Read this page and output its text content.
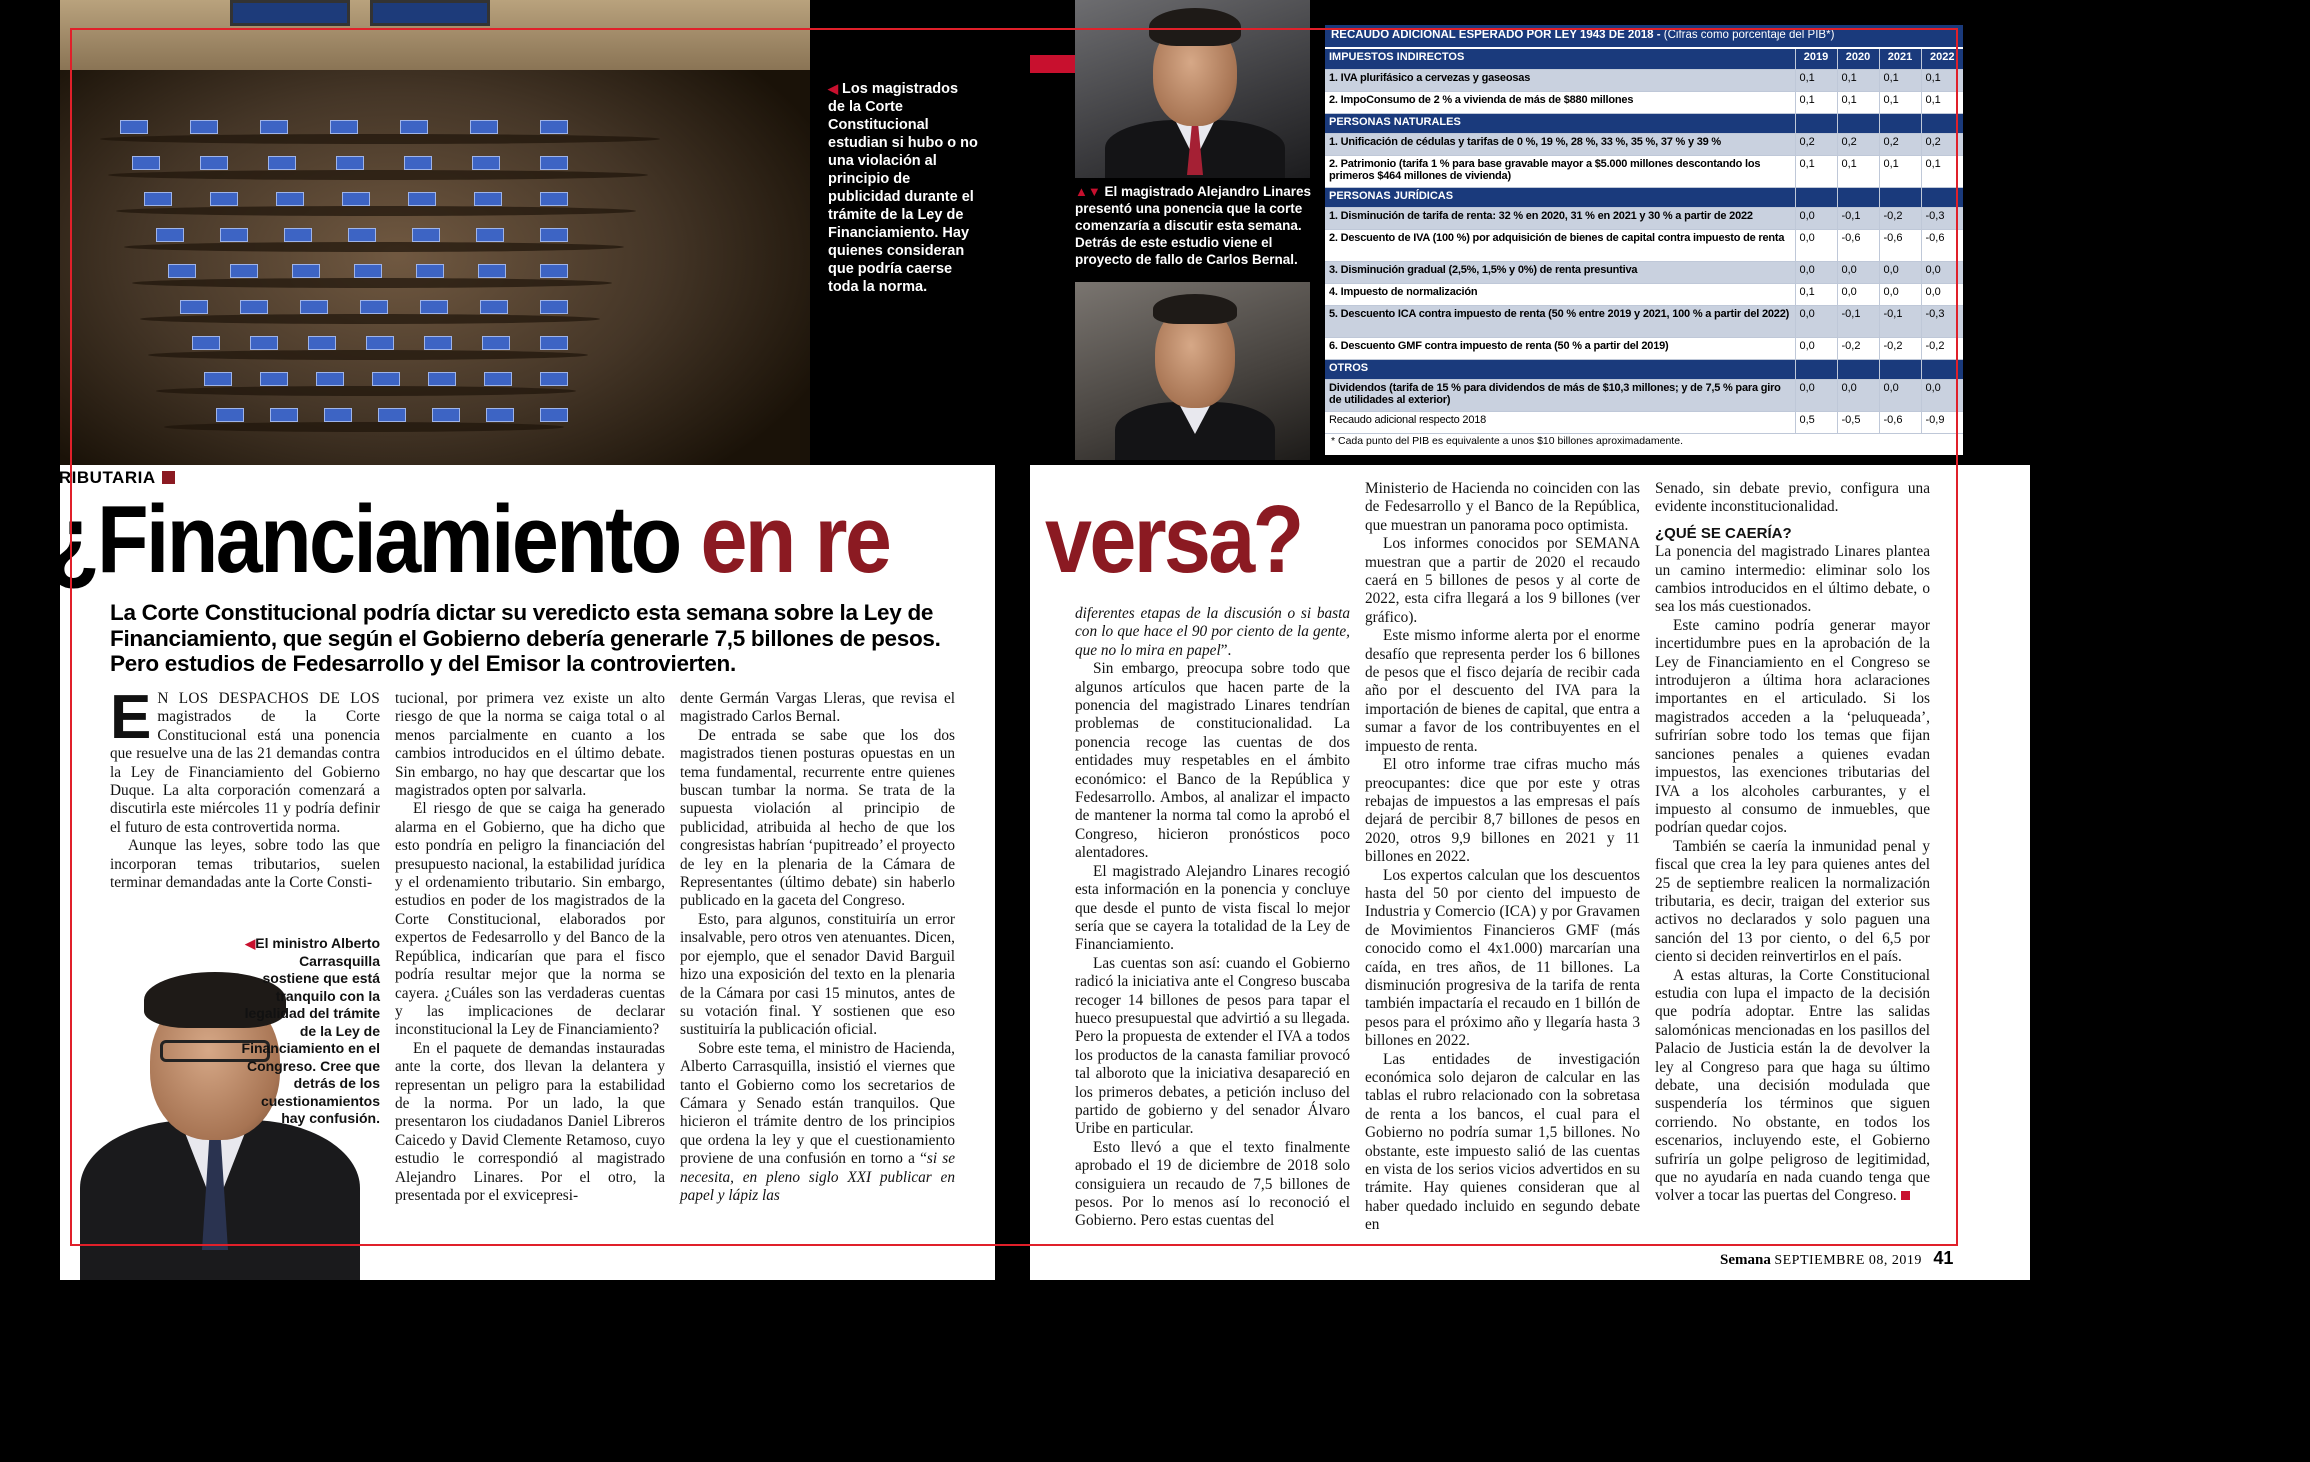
◀ Los magistrados de la Corte Constitucional estudian si hubo o no una violación al principio de publicidad durante el trámite de la Ley de Financiamiento. Hay quienes consideran que podría caerse toda la norma.
▲▼ El magistrado Alejandro Linares presentó una ponencia que la corte comenzaría a discutir esta semana. Detrás de este estudio viene el proyecto de fallo de Carlos Bernal.
RECAUDO ADICIONAL ESPERADO POR LEY 1943 DE 2018 - (Cifras como porcentaje del PIB*)
IMPUESTOS INDIRECTOS	2019	2020	2021	2022
1. IVA plurifásico a cervezas y gaseosas	0,1	0,1	0,1	0,1
2. ImpoConsumo de 2 % a vivienda de más de $880 millones	0,1	0,1	0,1	0,1
PERSONAS NATURALES				
1. Unificación de cédulas y tarifas de 0 %, 19 %, 28 %, 33 %, 35 %, 37 % y 39 %	0,2	0,2	0,2	0,2
2. Patrimonio (tarifa 1 % para base gravable mayor a $5.000 millones descontando los primeros $464 millones de vivienda)	0,1	0,1	0,1	0,1
PERSONAS JURÍDICAS				
1. Disminución de tarifa de renta: 32 % en 2020, 31 % en 2021 y 30 % a partir de 2022	0,0	-0,1	-0,2	-0,3
2. Descuento de IVA (100 %) por adquisición de bienes de capital contra impuesto de renta	0,0	-0,6	-0,6	-0,6
3. Disminución gradual (2,5%, 1,5% y 0%) de renta presuntiva	0,0	0,0	0,0	0,0
4. Impuesto de normalización	0,1	0,0	0,0	0,0
5. Descuento ICA contra impuesto de renta (50 % entre 2019 y 2021, 100 % a partir del 2022)	0,0	-0,1	-0,1	-0,3
6. Descuento GMF contra impuesto de renta (50 % a partir del 2019)	0,0	-0,2	-0,2	-0,2
OTROS				
Dividendos (tarifa de 15 % para dividendos de más de $10,3 millones; y de 7,5 % para giro de utilidades al exterior)	0,0	0,0	0,0	0,0
Recaudo adicional respecto 2018	0,5	-0,5	-0,6	-0,9
* Cada punto del PIB es equivalente a unos $10 billones aproximadamente.
TRIBUTARIA
¿Financiamiento en re versa?
La Corte Constitucional podría dictar su veredicto esta semana sobre la Ley de Financiamiento, que según el Gobierno debería generarle 7,5 billones de pesos. Pero estudios de Fedesarrollo y del Emisor la controvierten.

E N LOS DESPACHOS DE LOS magistrados de la Corte Constitucional está una ponencia que resuelve una de las 21 demandas contra la Ley de Financiamiento del Gobierno Duque. La alta corporación comenzará a discutirla este miércoles 11 y podría definir el futuro de esta controvertida norma.

Aunque las leyes, sobre todo las que incorporan temas tributarios, suelen terminar demandadas ante la Corte Consti-

◀El ministro Alberto Carrasquilla sostiene que está tranquilo con la legalidad del trámite de la Ley de Financiamiento en el Congreso. Cree que detrás de los cuestionamientos hay confusión.

tucional, por primera vez existe un alto riesgo de que la norma se caiga total o al menos parcialmente en cuanto a los cambios introducidos en el último debate. Sin embargo, no hay que descartar que los magistrados opten por salvarla.

El riesgo de que se caiga ha generado alarma en el Gobierno, que ha dicho que esto pondría en peligro la financiación del presupuesto nacional, la estabilidad jurídica y el ordenamiento tributario. Sin embargo, estudios en poder de los magistrados de la Corte Constitucional, elaborados por expertos de Fedesarrollo y del Banco de la República, indicarían que para el fisco podría resultar mejor que la norma se cayera. ¿Cuáles son las verdaderas cuentas y las implicaciones de declarar inconstitucional la Ley de Financiamiento?

En el paquete de demandas instauradas ante la corte, dos llevan la delantera y representan un peligro para la estabilidad de la norma. Por un lado, la que presentaron los ciudadanos Daniel Libreros Caicedo y David Clemente Retamoso, cuyo estudio le correspondió al magistrado Alejandro Linares. Por el otro, la presentada por el exvicepresi-

dente Germán Vargas Lleras, que revisa el magistrado Carlos Bernal.

De entrada se sabe que los dos magistrados tienen posturas opuestas en un tema fundamental, recurrente entre quienes buscan tumbar la norma. Se trata de la supuesta violación al principio de publicidad, atribuida al hecho de que los congresistas habrían ‘pupitreado’ el proyecto de ley en la plenaria de la Cámara de Representantes (último debate) sin haberlo publicado en la gaceta del Congreso.

Esto, para algunos, constituiría un error insalvable, pero otros ven atenuantes. Dicen, por ejemplo, que el senador David Barguil hizo una exposición del texto en la plenaria de la Cámara por casi 15 minutos, antes de su votación final. Y sostienen que eso sustituiría la publicación oficial.

Sobre este tema, el ministro de Hacienda, Alberto Carrasquilla, insistió el viernes que tanto el Gobierno como los secretarios de Cámara y Senado están tranquilos. Que hicieron el trámite dentro de los principios que ordena la ley y que el cuestionamiento proviene de una confusión en torno a “si se necesita, en pleno siglo XXI publicar en papel y lápiz las

diferentes etapas de la discusión o si basta con lo que hace el 90 por ciento de la gente, que no lo mira en papel”.

Sin embargo, preocupa sobre todo que algunos artículos que hacen parte de la ponencia del magistrado Linares tendrían problemas de constitucionalidad. La ponencia recoge las cuentas de dos entidades muy respetables en el ámbito económico: el Banco de la República y Fedesarrollo. Ambos, al analizar el impacto de mantener la norma tal como la aprobó el Congreso, hicieron pronósticos poco alentadores.

El magistrado Alejandro Linares recogió esta información en la ponencia y concluye que desde el punto de vista fiscal lo mejor sería que se cayera la totalidad de la Ley de Financiamiento.

Las cuentas son así: cuando el Gobierno radicó la iniciativa ante el Congreso buscaba recoger 14 billones de pesos para tapar el hueco presupuestal que advirtió a su llegada. Pero la propuesta de extender el IVA a todos los productos de la canasta familiar provocó tal alboroto que la iniciativa desapareció en los primeros debates, a petición incluso del partido de gobierno y del senador Álvaro Uribe en particular.

Esto llevó a que el texto finalmente aprobado el 19 de diciembre de 2018 solo consiguiera un recaudo de 7,5 billones de pesos. Por lo menos así lo reconoció el Gobierno. Pero estas cuentas del

Ministerio de Hacienda no coinciden con las de Fedesarrollo y el Banco de la República, que muestran un panorama poco optimista.

Los informes conocidos por SEMANA muestran que a partir de 2020 el recaudo caerá en 5 billones de pesos y al corte de 2022, esta cifra llegará a los 9 billones (ver gráfico).

Este mismo informe alerta por el enorme desafío que representa perder los 6 billones de pesos que el fisco dejaría de recibir cada año por el descuento del IVA para la importación de bienes de capital, que entra a sumar a favor de los contribuyentes en el impuesto de renta.

El otro informe trae cifras mucho más preocupantes: dice que por este y otras rebajas de impuestos a las empresas el país dejará de percibir 8,7 billones de pesos en 2020, otros 9,9 billones en 2021 y 11 billones en 2022.

Los expertos calculan que los descuentos hasta del 50 por ciento del impuesto de Industria y Comercio (ICA) y por Gravamen de Movimientos Financieros GMF (más conocido como el 4x1.000) marcarían una caída, en tres años, de 11 billones. La disminución progresiva de la tarifa de renta también impactaría el recaudo en 1 billón de pesos para el próximo año y llegaría hasta 3 billones en 2022.

Las entidades de investigación económica solo dejaron de calcular en las tablas el rubro relacionado con la sobretasa de renta a los bancos, el cual para el Gobierno no podría sumar 1,5 billones. No obstante, este impuesto salió de las cuentas en vista de los serios vicios advertidos en su trámite. Hay quienes consideran que al haber quedado incluido en segundo debate en

Senado, sin debate previo, configura una evidente inconstitucionalidad.

¿QUÉ SE CAERÍA?

La ponencia del magistrado Linares plantea un camino intermedio: eliminar solo los cambios introducidos en el último debate, o sea los más cuestionados.

Este camino podría generar mayor incertidumbre pues en la aprobación de la Ley de Financiamiento en el Congreso se introdujeron a última hora aclaraciones importantes en el articulado. Si los magistrados acceden a la ‘peluqueada’, sufrirían sobre todo los temas que fijan sanciones penales a quienes evadan impuestos, las exenciones tributarias del IVA a los alcoholes carburantes, y el impuesto al consumo de inmuebles, que podrían quedar cojos.

También se caería la inmunidad penal y fiscal que crea la ley para quienes antes del 25 de septiembre realicen la normalización tributaria, es decir, traigan del exterior sus activos no declarados y solo paguen una sanción del 13 por ciento, o del 6,5 por ciento si deciden reinvertirlos en el país.

A estas alturas, la Corte Constitucional estudia con lupa el impacto de la decisión que podría adoptar. Entre las salidas salomónicas mencionadas en los pasillos del Palacio de Justicia están la de devolver la ley al Congreso para que haga su último debate, una decisión modulada que suspendería los términos que siguen corriendo. No obstante, en todos los escenarios, incluyendo este, el Gobierno sufriría un golpe peligroso de legitimidad, que no ayudaría en nada cuando tenga que volver a tocar las puertas del Congreso.

Semana SEPTIEMBRE 08, 2019 41
